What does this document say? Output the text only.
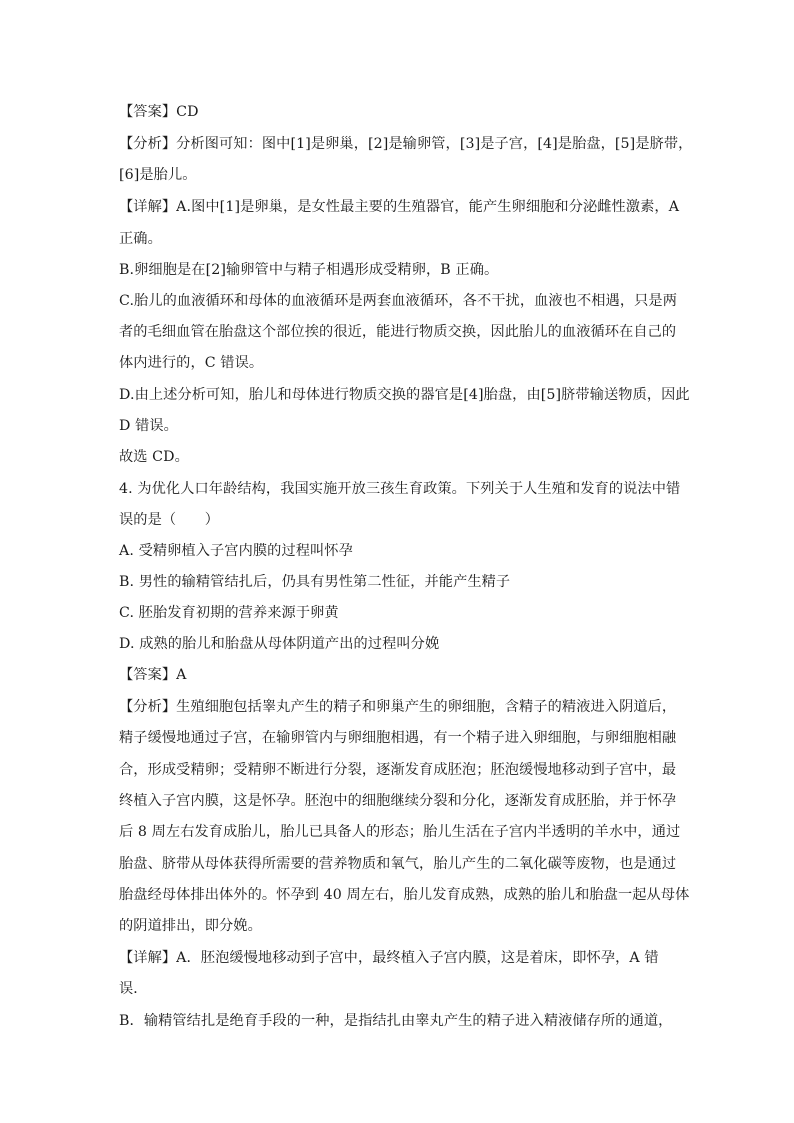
【答案】CD
【分析】分析图可知：图中[1]是卵巢，[2]是输卵管，[3]是子宫，[4]是胎盘，[5]是脐带，
[6]是胎儿。
【详解】A.图中[1]是卵巢，是女性最主要的生殖器官，能产生卵细胞和分泌雌性激素，A
正确。
B.卵细胞是在[2]输卵管中与精子相遇形成受精卵，B 正确。
C.胎儿的血液循环和母体的血液循环是两套血液循环，各不干扰，血液也不相遇，只是两
者的毛细血管在胎盘这个部位挨的很近，能进行物质交换，因此胎儿的血液循环在自己的
体内进行的，C 错误。
D.由上述分析可知，胎儿和母体进行物质交换的器官是[4]胎盘，由[5]脐带输送物质，因此
D 错误。
故选 CD。
4. 为优化人口年龄结构，我国实施开放三孩生育政策。下列关于人生殖和发育的说法中错
误的是（　　）
A. 受精卵植入子宫内膜的过程叫怀孕
B. 男性的输精管结扎后，仍具有男性第二性征，并能产生精子
C. 胚胎发育初期的营养来源于卵黄
D. 成熟的胎儿和胎盘从母体阴道产出的过程叫分娩
【答案】A
【分析】生殖细胞包括睾丸产生的精子和卵巢产生的卵细胞，含精子的精液进入阴道后，
精子缓慢地通过子宫，在输卵管内与卵细胞相遇，有一个精子进入卵细胞，与卵细胞相融
合，形成受精卵；受精卵不断进行分裂，逐渐发育成胚泡；胚泡缓慢地移动到子宫中，最
终植入子宫内膜，这是怀孕。胚泡中的细胞继续分裂和分化，逐渐发育成胚胎，并于怀孕
后 8 周左右发育成胎儿，胎儿已具备人的形态；胎儿生活在子宫内半透明的羊水中，通过
胎盘、脐带从母体获得所需要的营养物质和氧气，胎儿产生的二氧化碳等废物，也是通过
胎盘经母体排出体外的。怀孕到 40 周左右，胎儿发育成熟，成熟的胎儿和胎盘一起从母体
的阴道排出，即分娩。
【详解】A．胚泡缓慢地移动到子宫中，最终植入子宫内膜，这是着床，即怀孕，A 错
误．
B．输精管结扎是绝育手段的一种，是指结扎由睾丸产生的精子进入精液储存所的通道，
